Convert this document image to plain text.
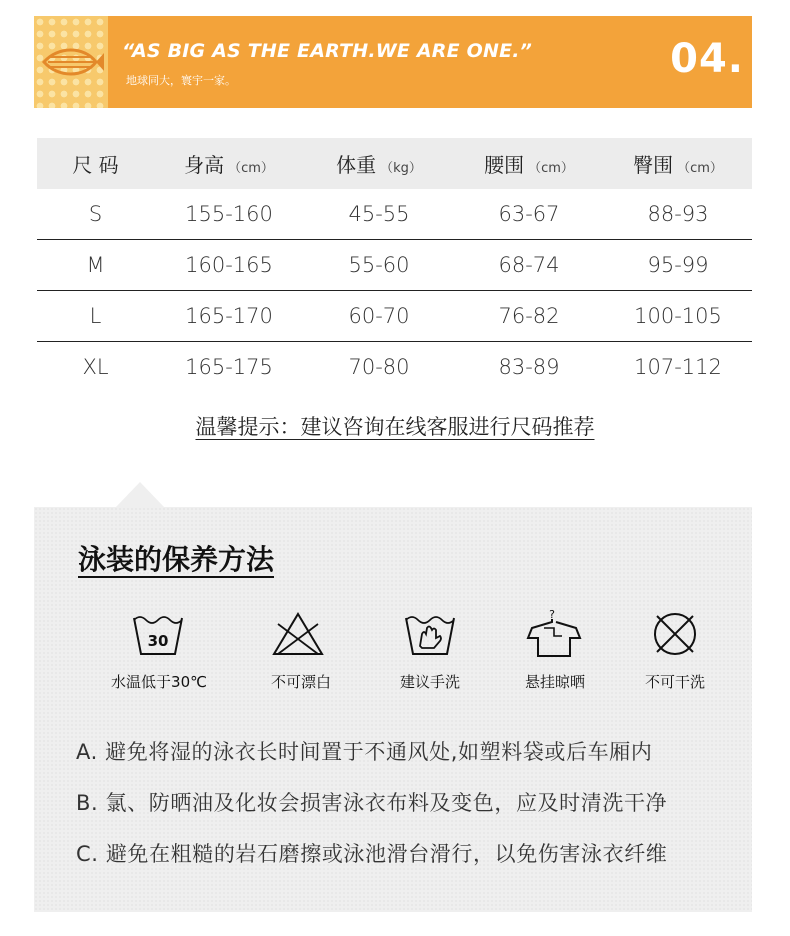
“AS BIG AS THE EARTH.WE ARE ONE.”
地球同大，寰宇一家。	04.
尺 码	身高 （cm）	体重 （kg）	腰围 （cm）	臀围 （cm）
S	155-160	45-55	63-67	88-93
M	160-165	55-60	68-74	95-99
L	165-170	60-70	76-82	100-105
XL	165-175	70-80	83-89	107-112
温馨提示：建议咨询在线客服进行尺码推荐
泳装的保养方法
30
?
水温低于30℃	不可漂白	建议手洗	悬挂晾晒	不可干洗
A. 避免将湿的泳衣长时间置于不通风处,如塑料袋或后车厢内
B. 氯、防晒油及化妆会损害泳衣布料及变色，应及时清洗干净
C. 避免在粗糙的岩石磨擦或泳池滑台滑行，以免伤害泳衣纤维
